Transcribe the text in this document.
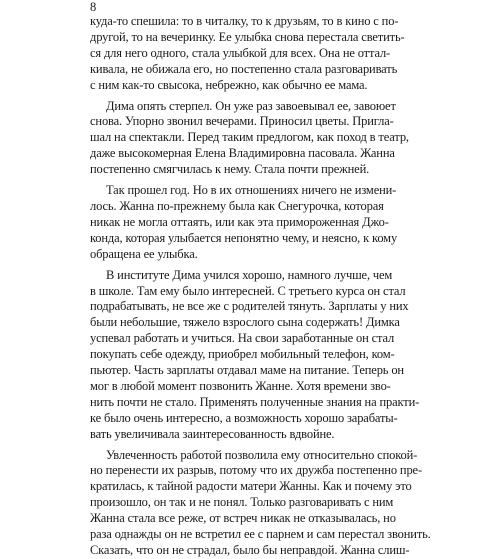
8
куда-то спешила: то в читалку, то к друзьям, то в кино с по-
другой, то на вечеринку. Ее улыбка снова перестала светить-
ся для него одного, стала улыбкой для всех. Она не оттал-
кивала, не обижала его, но постепенно стала разговаривать
с ним как-то свысока, небрежно, как обычно ее мама.
Дима опять стерпел. Он уже раз завоевывал ее, завоюет
снова. Упорно звонил вечерами. Приносил цветы. Пригла-
шал на спектакли. Перед таким предлогом, как поход в театр,
даже высокомерная Елена Владимировна пасовала. Жанна
постепенно смягчилась к нему. Стала почти прежней.
Так прошел год. Но в их отношениях ничего не измени-
лось. Жанна по-прежнему была как Снегурочка, которая
никак не могла оттаять, или как эта примороженная Джо-
конда, которая улыбается непонятно чему, и неясно, к кому
обращена ее улыбка.
В институте Дима учился хорошо, намного лучше, чем
в школе. Там ему было интересней. С третьего курса он стал
подрабатывать, не все же с родителей тянуть. Зарплаты у них
были небольшие, тяжело взрослого сына содержать! Димка
успевал работать и учиться. На свои заработанные он стал
покупать себе одежду, приобрел мобильный телефон, ком-
пьютер. Часть зарплаты отдавал маме на питание. Теперь он
мог в любой момент позвонить Жанне. Хотя времени зво-
нить почти не стало. Применять полученные знания на практи-
ке было очень интересно, а возможность хорошо зарабаты-
вать увеличивала заинтересованность вдвойне.
Увлеченность работой позволила ему относительно спокой-
но перенести их разрыв, потому что их дружба постепенно пре-
кратилась, к тайной радости матери Жанны. Как и почему это
произошло, он так и не понял. Только разговаривать с ним
Жанна стала все реже, от встреч никак не отказывалась, но
раза однажды он не встретил ее с парнем и сам перестал звонить.
Сказать, что он не страдал, было бы неправдой. Жанна слиш-
